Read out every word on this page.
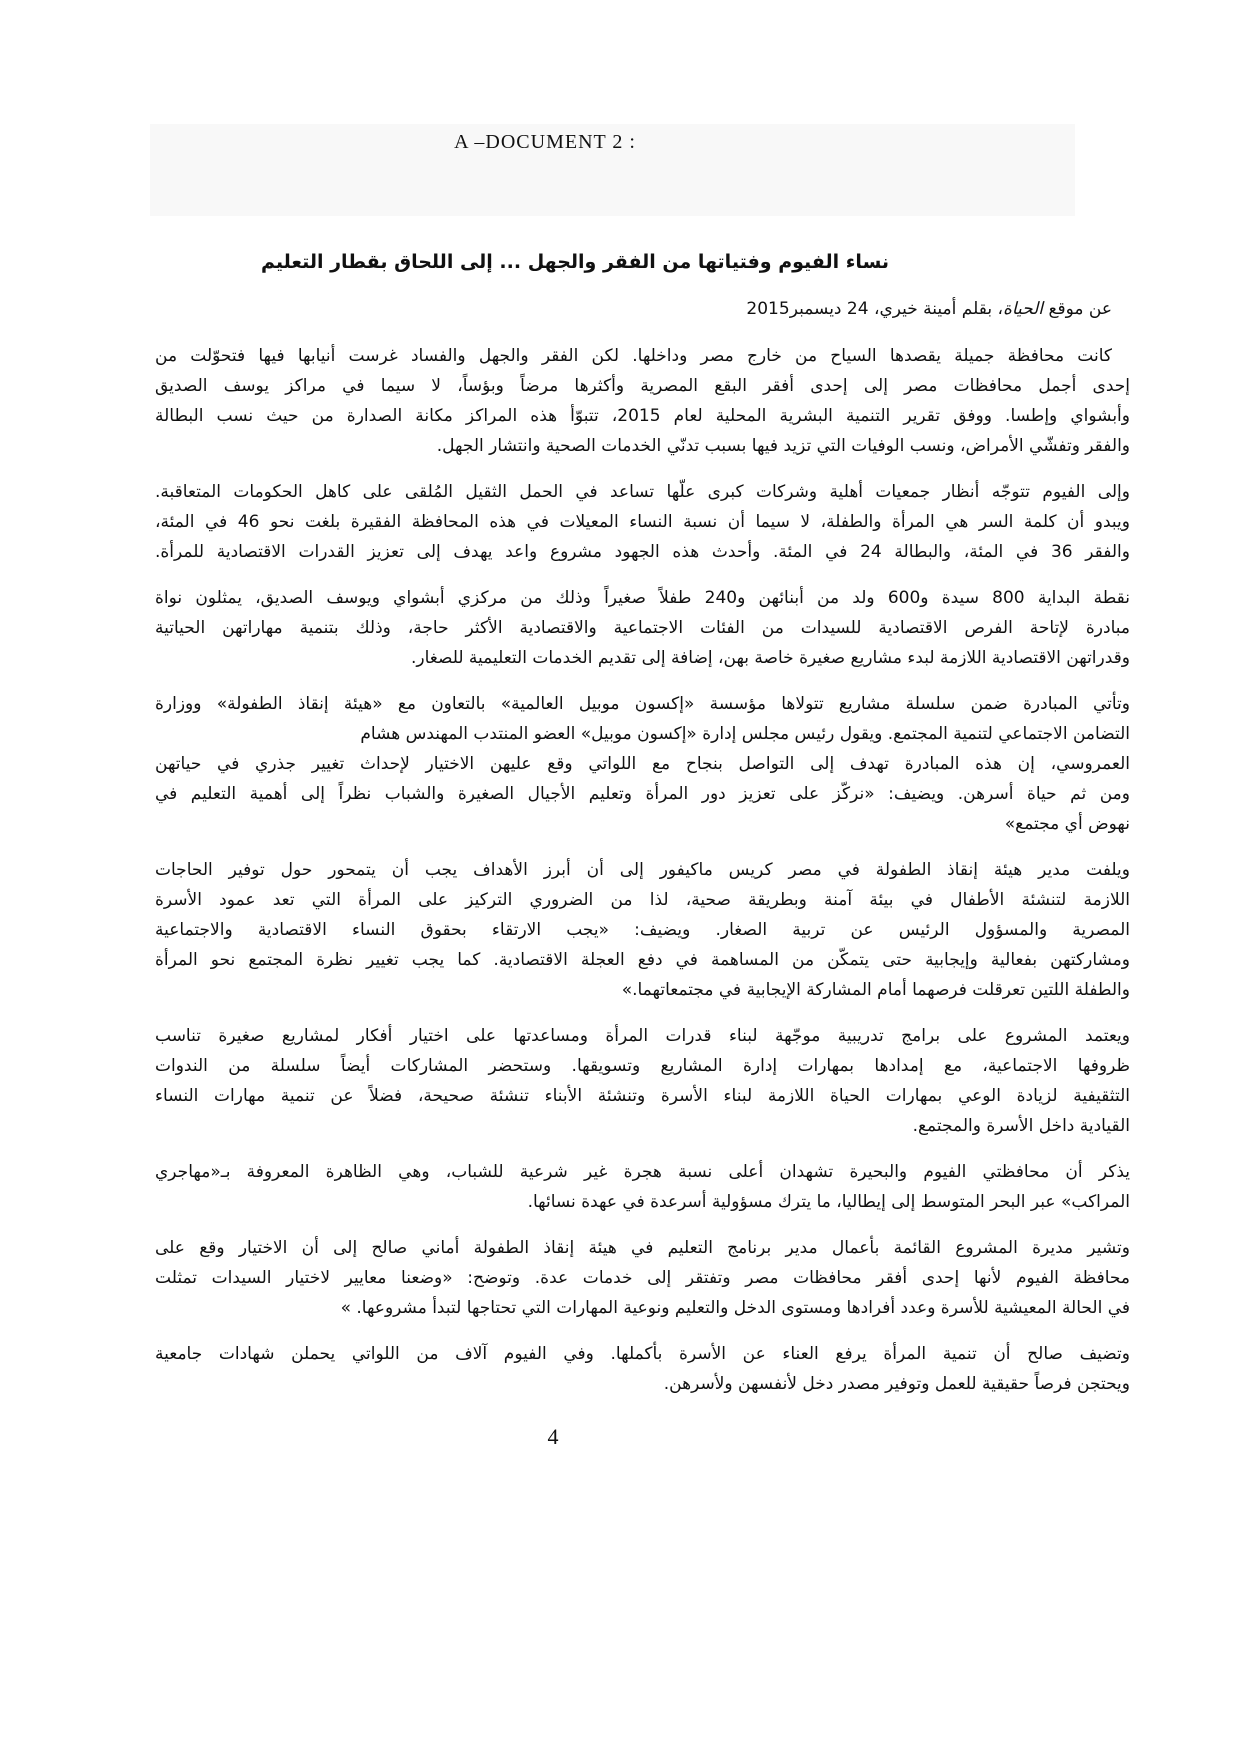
A –DOCUMENT 2 :
نساء الفيوم وفتياتها من الفقر والجهل ... إلى اللحاق بقطار التعليم
عن موقع الحياة، بقلم أمينة خيري، 24 ديسمبر2015
كانت محافظة جميلة يقصدها السياح من خارج مصر وداخلها. لكن الفقر والجهل والفساد غرست أنيابها فيها فتحوّلت من
إحدى أجمل محافظات مصر إلى إحدى أفقر البقع المصرية وأكثرها مرضاً وبؤساً، لا سيما في مراكز يوسف الصديق
وأبشواي وإطسا. ووفق تقرير التنمية البشرية المحلية لعام 2015، تتبوّأ هذه المراكز مكانة الصدارة من حيث نسب البطالة
والفقر وتفشّي الأمراض، ونسب الوفيات التي تزيد فيها بسبب تدنّي الخدمات الصحية وانتشار الجهل.
وإلى الفيوم تتوجّه أنظار جمعيات أهلية وشركات كبرى علّها تساعد في الحمل الثقيل المُلقى على كاهل الحكومات المتعاقبة.
ويبدو أن كلمة السر هي المرأة والطفلة، لا سيما أن نسبة النساء المعيلات في هذه المحافظة الفقيرة بلغت نحو 46 في المئة،
والفقر 36 في المئة، والبطالة 24 في المئة. وأحدث هذه الجهود مشروع واعد يهدف إلى تعزيز القدرات الاقتصادية للمرأة.
نقطة البداية 800 سيدة و600 ولد من أبنائهن و240 طفلاً صغيراً وذلك من مركزي أبشواي ويوسف الصديق، يمثلون نواة
مبادرة لإتاحة الفرص الاقتصادية للسيدات من الفئات الاجتماعية والاقتصادية الأكثر حاجة، وذلك بتنمية مهاراتهن الحياتية
وقدراتهن الاقتصادية اللازمة لبدء مشاريع صغيرة خاصة بهن، إضافة إلى تقديم الخدمات التعليمية للصغار.
وتأتي المبادرة ضمن سلسلة مشاريع تتولاها مؤسسة «إكسون موبيل العالمية» بالتعاون مع «هيئة إنقاذ الطفولة» ووزارة
التضامن الاجتماعي لتنمية المجتمع. ويقول رئيس مجلس إدارة «إكسون موبيل» العضو المنتدب المهندس هشام
العمروسي، إن هذه المبادرة تهدف إلى التواصل بنجاح مع اللواتي وقع عليهن الاختيار لإحداث تغيير جذري في حياتهن
ومن ثم حياة أسرهن. ويضيف: «نركّز على تعزيز دور المرأة وتعليم الأجيال الصغيرة والشباب نظراً إلى أهمية التعليم في
نهوض أي مجتمع»
ويلفت مدير هيئة إنقاذ الطفولة في مصر كريس ماكيفور إلى أن أبرز الأهداف يجب أن يتمحور حول توفير الحاجات
اللازمة لتنشئة الأطفال في بيئة آمنة وبطريقة صحية، لذا من الضروري التركيز على المرأة التي تعد عمود الأسرة
المصرية والمسؤول الرئيس عن تربية الصغار. ويضيف: «يجب الارتقاء بحقوق النساء الاقتصادية والاجتماعية
ومشاركتهن بفعالية وإيجابية حتى يتمكّن من المساهمة في دفع العجلة الاقتصادية. كما يجب تغيير نظرة المجتمع نحو المرأة
والطفلة اللتين تعرقلت فرصهما أمام المشاركة الإيجابية في مجتمعاتهما.»
ويعتمد المشروع على برامج تدريبية موجّهة لبناء قدرات المرأة ومساعدتها على اختيار أفكار لمشاريع صغيرة تناسب
ظروفها الاجتماعية، مع إمدادها بمهارات إدارة المشاريع وتسويقها. وستحضر المشاركات أيضاً سلسلة من الندوات
التثقيفية لزيادة الوعي بمهارات الحياة اللازمة لبناء الأسرة وتنشئة الأبناء تنشئة صحيحة، فضلاً عن تنمية مهارات النساء
القيادية داخل الأسرة والمجتمع.
يذكر أن محافظتي الفيوم والبحيرة تشهدان أعلى نسبة هجرة غير شرعية للشباب، وهي الظاهرة المعروفة بـ«مهاجري
المراكب» عبر البحر المتوسط إلى إيطاليا، ما يترك مسؤولية أسرعدة في عهدة نسائها.
وتشير مديرة المشروع القائمة بأعمال مدير برنامج التعليم في هيئة إنقاذ الطفولة أماني صالح إلى أن الاختيار وقع على
محافظة الفيوم لأنها إحدى أفقر محافظات مصر وتفتقر إلى خدمات عدة. وتوضح: «وضعنا معايير لاختيار السيدات تمثلت
في الحالة المعيشية للأسرة وعدد أفرادها ومستوى الدخل والتعليم ونوعية المهارات التي تحتاجها لتبدأ مشروعها. »
وتضيف صالح أن تنمية المرأة يرفع العناء عن الأسرة بأكملها. وفي الفيوم آلاف من اللواتي يحملن شهادات جامعية
ويحتجن فرصاً حقيقية للعمل وتوفير مصدر دخل لأنفسهن ولأسرهن.
4
